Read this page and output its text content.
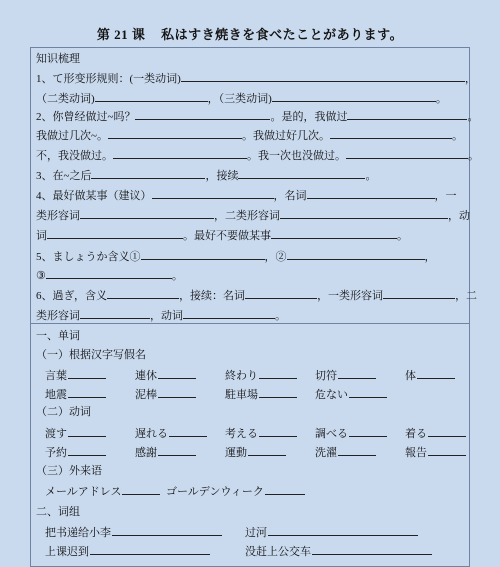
第 21 课 私はすき焼きを食べたことがあります。
知识梳理
1、て形变形规则：(一类动词)	，
（二类动词)	，（三类动词)	。
2、你曾经做过~吗？	。是的，我做过	。
我做过几次~。	。我做过好几次。	。
不，我没做过。	。我一次也没做过。	。
3、在~之后	，接续	。
4、最好做某事（建议）	，名词	，一
类形容词	，二类形容词	，动
词	。最好不要做某事	。
5、ましょうか含义①	，②	，
③	。
6、過ぎ，含义	，接续：名词	，一类形容词	，二
类形容词	，动词	。
一、单词
（一）根据汉字写假名
言葉	連休	終わり	切符	体
地震	泥棒	駐車場	危ない
（二）动词
渡す	遅れる	考える	調べる	着る
予約	感謝	運動	洗濯	報告
（三）外来语
メールアドレス	ゴールデンウィーク
二、词组
把书递给小李	过河
上课迟到	没赶上公交车
